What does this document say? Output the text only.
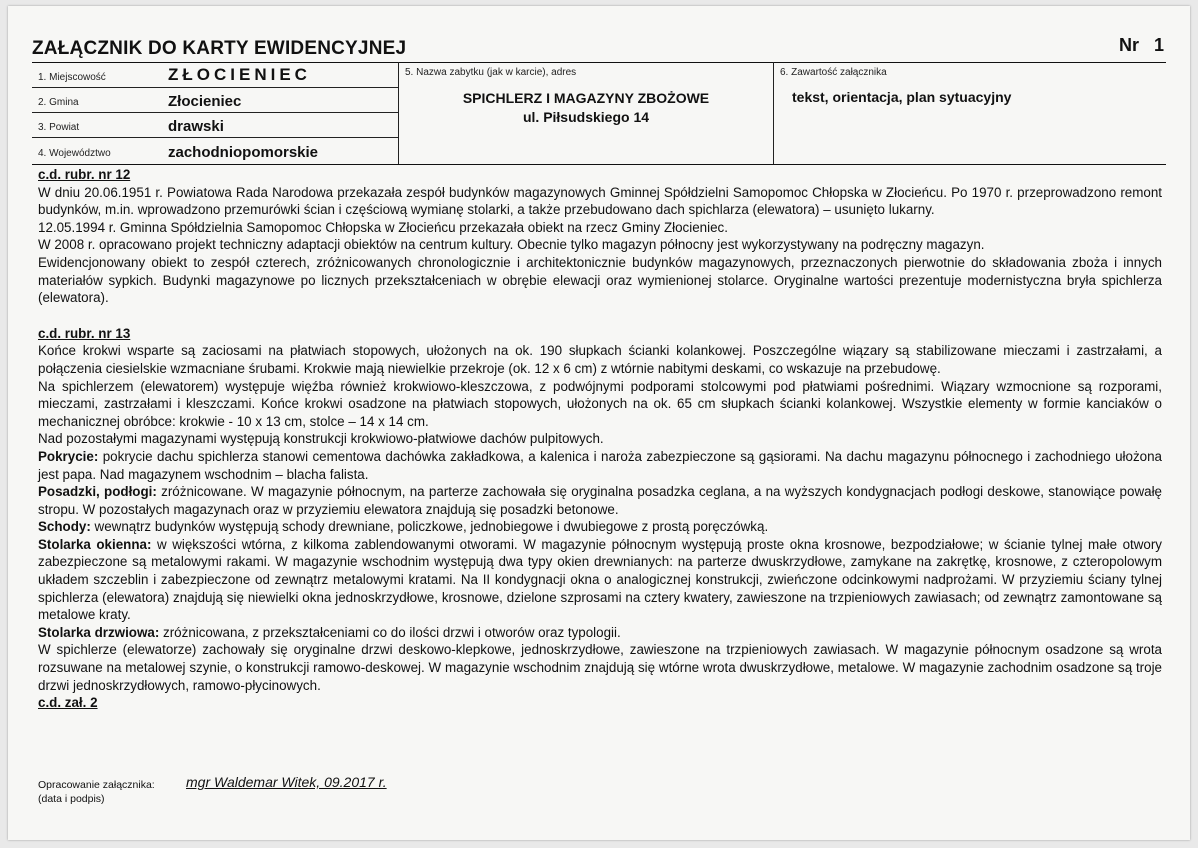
ZAŁĄCZNIK DO KARTY EWIDENCYJNEJ	Nr 1
1. Miejscowość	ZŁOCIENIEC
2. Gmina	Złocieniec
3. Powiat	drawski
4. Województwo	zachodniopomorskie
5. Nazwa zabytku (jak w karcie), adres
SPICHLERZ I MAGAZYNY ZBOŻOWE
ul. Piłsudskiego 14
6. Zawartość załącznika
tekst, orientacja, plan sytuacyjny
c.d. rubr. nr 12

W dniu 20.06.1951 r. Powiatowa Rada Narodowa przekazała zespół budynków magazynowych Gminnej Spółdzielni Samopomoc Chłopska w Złocieńcu. Po 1970 r. przeprowadzono remont budynków, m.in. wprowadzono przemurówki ścian i częściową wymianę stolarki, a także przebudowano dach spichlarza (elewatora) – usunięto lukarny.

12.05.1994 r. Gminna Spółdzielnia Samopomoc Chłopska w Złocieńcu przekazała obiekt na rzecz Gminy Złocieniec.

W 2008 r. opracowano projekt techniczny adaptacji obiektów na centrum kultury. Obecnie tylko magazyn północny jest wykorzystywany na podręczny magazyn.

Ewidencjonowany obiekt to zespół czterech, zróżnicowanych chronologicznie i architektonicznie budynków magazynowych, przeznaczonych pierwotnie do składowania zboża i innych materiałów sypkich. Budynki magazynowe po licznych przekształceniach w obrębie elewacji oraz wymienionej stolarce. Oryginalne wartości prezentuje modernistyczna bryła spichlerza (elewatora).

c.d. rubr. nr 13

Końce krokwi wsparte są zaciosami na płatwiach stopowych, ułożonych na ok. 190 słupkach ścianki kolankowej. Poszczególne wiązary są stabilizowane mieczami i zastrzałami, a połączenia ciesielskie wzmacniane śrubami. Krokwie mają niewielkie przekroje (ok. 12 x 6 cm) z wtórnie nabitymi deskami, co wskazuje na przebudowę.

Na spichlerzem (elewatorem) występuje więźba również krokwiowo-kleszczowa, z podwójnymi podporami stolcowymi pod płatwiami pośrednimi. Wiązary wzmocnione są rozporami, mieczami, zastrzałami i kleszczami. Końce krokwi osadzone na płatwiach stopowych, ułożonych na ok. 65 cm słupkach ścianki kolankowej. Wszystkie elementy w formie kanciaków o mechanicznej obróbce: krokwie - 10 x 13 cm, stolce – 14 x 14 cm.

Nad pozostałymi magazynami występują konstrukcji krokwiowo-płatwiowe dachów pulpitowych.

Pokrycie: pokrycie dachu spichlerza stanowi cementowa dachówka zakładkowa, a kalenica i naroża zabezpieczone są gąsiorami. Na dachu magazynu północnego i zachodniego ułożona jest papa. Nad magazynem wschodnim – blacha falista.

Posadzki, podłogi: zróżnicowane. W magazynie północnym, na parterze zachowała się oryginalna posadzka ceglana, a na wyższych kondygnacjach podłogi deskowe, stanowiące powałę stropu. W pozostałych magazynach oraz w przyziemiu elewatora znajdują się posadzki betonowe.

Schody: wewnątrz budynków występują schody drewniane, policzkowe, jednobiegowe i dwubiegowe z prostą poręczówką.

Stolarka okienna: w większości wtórna, z kilkoma zablendowanymi otworami. W magazynie północnym występują proste okna krosnowe, bezpodziałowe; w ścianie tylnej małe otwory zabezpieczone są metalowymi rakami. W magazynie wschodnim występują dwa typy okien drewnianych: na parterze dwuskrzydłowe, zamykane na zakrętkę, krosnowe, z czteropolowym układem szczeblin i zabezpieczone od zewnątrz metalowymi kratami. Na II kondygnacji okna o analogicznej konstrukcji, zwieńczone odcinkowymi nadprożami. W przyziemiu ściany tylnej spichlerza (elewatora) znajdują się niewielki okna jednoskrzydłowe, krosnowe, dzielone szprosami na cztery kwatery, zawieszone na trzpieniowych zawiasach; od zewnątrz zamontowane są metalowe kraty.

Stolarka drzwiowa: zróżnicowana, z przekształceniami co do ilości drzwi i otworów oraz typologii.

W spichlerze (elewatorze) zachowały się oryginalne drzwi deskowo-klepkowe, jednoskrzydłowe, zawieszone na trzpieniowych zawiasach. W magazynie północnym osadzone są wrota rozsuwane na metalowej szynie, o konstrukcji ramowo-deskowej. W magazynie wschodnim znajdują się wtórne wrota dwuskrzydłowe, metalowe. W magazynie zachodnim osadzone są troje drzwi jednoskrzydłowych, ramowo-płycinowych.

c.d. zał. 2
Opracowanie załącznika:
(data i podpis)
mgr Waldemar Witek, 09.2017 r.
